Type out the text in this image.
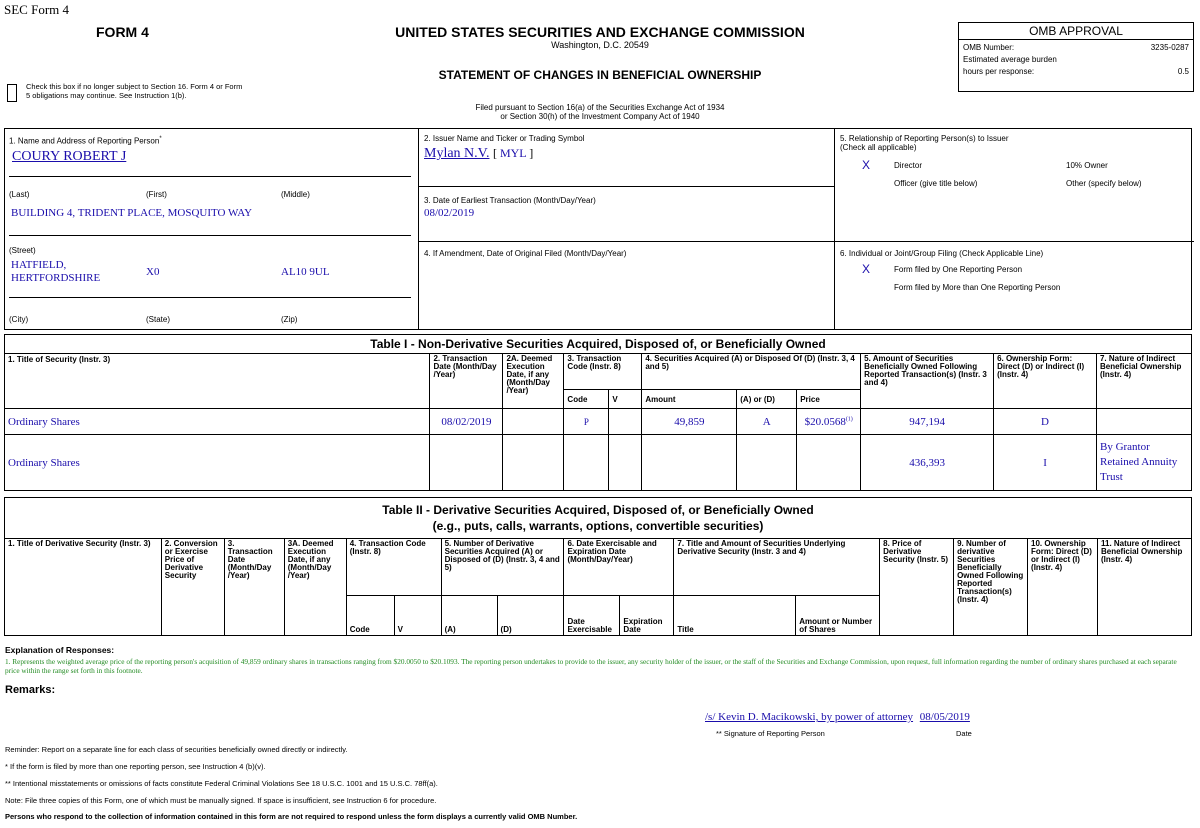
SEC Form 4
FORM 4	UNITED STATES SECURITIES AND EXCHANGE COMMISSION
Washington, D.C. 20549
STATEMENT OF CHANGES IN BENEFICIAL OWNERSHIP
Filed pursuant to Section 16(a) of the Securities Exchange Act of 1934
or Section 30(h) of the Investment Company Act of 1940
Check this box if no longer subject to Section 16. Form 4 or Form 5 obligations may continue. See Instruction 1(b).
OMB APPROVAL
OMB Number:	3235-0287
Estimated average burden
hours per response:	0.5
1. Name and Address of Reporting Person*
COURY ROBERT J
(Last)	(First)	(Middle)
BUILDING 4, TRIDENT PLACE, MOSQUITO WAY
(Street)
HATFIELD, HERTFORDSHIRE	X0	AL10 9UL
(City)	(State)	(Zip)
2. Issuer Name and Ticker or Trading Symbol
Mylan N.V. [ MYL ]
3. Date of Earliest Transaction (Month/Day/Year)
08/02/2019
4. If Amendment, Date of Original Filed (Month/Day/Year)
5. Relationship of Reporting Person(s) to Issuer
(Check all applicable)
X	Director	10% Owner
Officer (give title below)	Other (specify below)
6. Individual or Joint/Group Filing (Check Applicable Line)
X	Form filed by One Reporting Person
Form filed by More than One Reporting Person
Table I - Non-Derivative Securities Acquired, Disposed of, or Beneficially Owned										
1. Title of Security (Instr. 3)	2. Transaction Date (Month/Day /Year)	2A. Deemed Execution Date, if any (Month/Day /Year)	3. Transaction Code (Instr. 8)		4. Securities Acquired (A) or Disposed Of (D) (Instr. 3, 4 and 5)			5. Amount of Securities Beneficially Owned Following Reported Transaction(s) (Instr. 3 and 4)	6. Ownership Form: Direct (D) or Indirect (I) (Instr. 4)	7. Nature of Indirect Beneficial Ownership (Instr. 4)
			Code	V	Amount	(A) or (D)	Price			
Ordinary Shares	08/02/2019		P		49,859	A	$20.0568$^{(1)}$	947,194	D	
Ordinary Shares								436,393	I	By Grantor Retained Annuity Trust
Table II - Derivative Securities Acquired, Disposed of, or Beneficially Owned
(e.g., puts, calls, warrants, options, convertible securities)															

1. Title of Derivative Security (Instr. 3)	2. Conversion or Exercise Price of Derivative Security	3. Transaction Date (Month/Day /Year)	3A. Deemed Execution Date, if any (Month/Day /Year)	4. Transaction Code (Instr. 8)		5. Number of Derivative Securities Acquired (A) or Disposed of (D) (Instr. 3, 4 and 5)		6. Date Exercisable and Expiration Date (Month/Day/Year)		7. Title and Amount of Securities Underlying Derivative Security (Instr. 3 and 4)		8. Price of Derivative Security (Instr. 5)	9. Number of derivative Securities Beneficially Owned Following Reported Transaction(s) (Instr. 4)	10. Ownership Form: Direct (D) or Indirect (I) (Instr. 4)	11. Nature of Indirect Beneficial Ownership (Instr. 4)
				Code	V	(A)	(D)	Date Exercisable	Expiration Date	Title	Amount or Number of Shares				
Explanation of Responses:
1. Represents the weighted average price of the reporting person's acquisition of 49,859 ordinary shares in transactions ranging from $20.0050 to $20.1093. The reporting person undertakes to provide to the issuer, any security holder of the issuer, or the staff of the Securities and Exchange Commission, upon request, full information regarding the number of ordinary shares purchased at each separate price within the range set forth in this footnote.
Remarks:
/s/ Kevin D. Macikowski, by power of attorney 08/05/2019
** Signature of Reporting Person	Date
Reminder: Report on a separate line for each class of securities beneficially owned directly or indirectly.
* If the form is filed by more than one reporting person, see Instruction 4 (b)(v).
** Intentional misstatements or omissions of facts constitute Federal Criminal Violations See 18 U.S.C. 1001 and 15 U.S.C. 78ff(a).
Note: File three copies of this Form, one of which must be manually signed. If space is insufficient, see Instruction 6 for procedure.
Persons who respond to the collection of information contained in this form are not required to respond unless the form displays a currently valid OMB Number.
